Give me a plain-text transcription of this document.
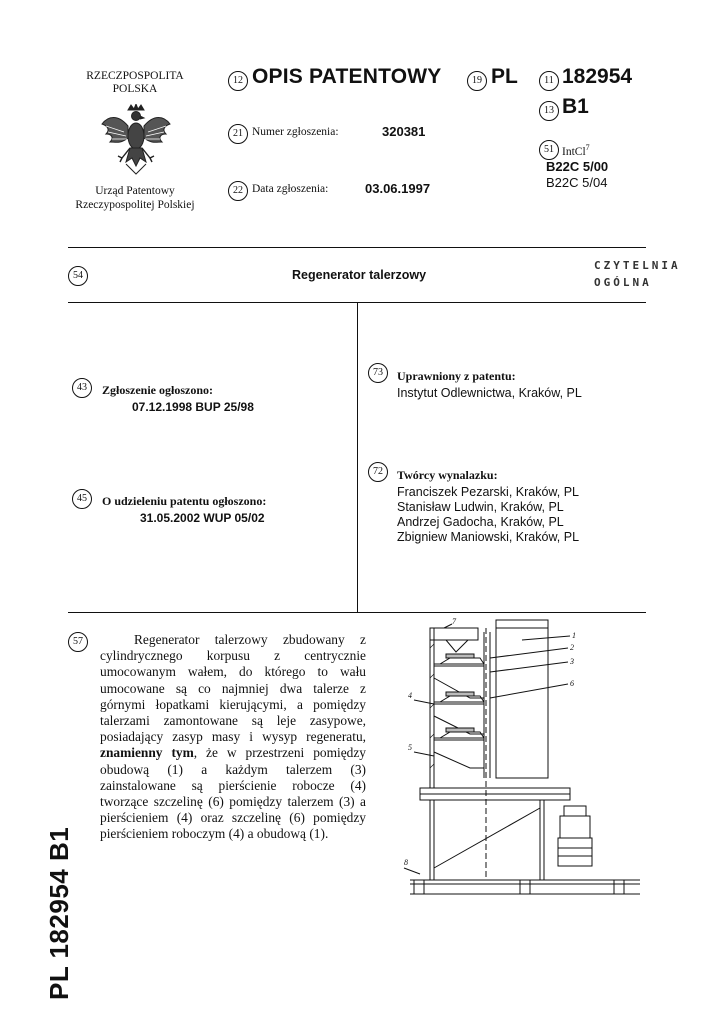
RZECZPOSPOLITA
POLSKA
Urząd Patentowy
Rzeczypospolitej Polskiej
12 OPIS PATENTOWY	19 PL	11 182954
13 B1
21 Numer zgłoszenia:	320381
22 Data zgłoszenia:	03.06.1997
51 IntCl$^7$
B22C 5/00
B22C 5/04
54	Regenerator talerzowy
CZYTELNIA
OGÓLNA
43	Zgłoszenie ogłoszono:
07.12.1998 BUP 25/98
45	O udzieleniu patentu ogłoszono:
31.05.2002 WUP 05/02
73	Uprawniony z patentu:
Instytut Odlewnictwa, Kraków, PL
72	Twórcy wynalazku:
Franciszek Pezarski, Kraków, PL
Stanisław Ludwin, Kraków, PL
Andrzej Gadocha, Kraków, PL
Zbigniew Maniowski, Kraków, PL
57	Regenerator talerzowy zbudowany z cylindrycznego korpusu z centrycznie umocowanym wałem, do którego to wału umocowane są co najmniej dwa talerze z górnymi łopatkami kierującymi, a pomiędzy talerzami zamontowane są leje zasypowe, posiadający zasyp masy i wysyp regeneratu, znamienny tym, że w przestrzeni pomiędzy obudową (1) a każdym talerzem (3) zainstalowane są pierścienie robocze (4) tworzące szczelinę (6) pomiędzy talerzem (3) a pierścieniem (4) oraz szczelinę (6) pomiędzy pierścieniem roboczym (4) a obudową (1).

PL 182954 B1
7
1
2
3
6
4
5
8
